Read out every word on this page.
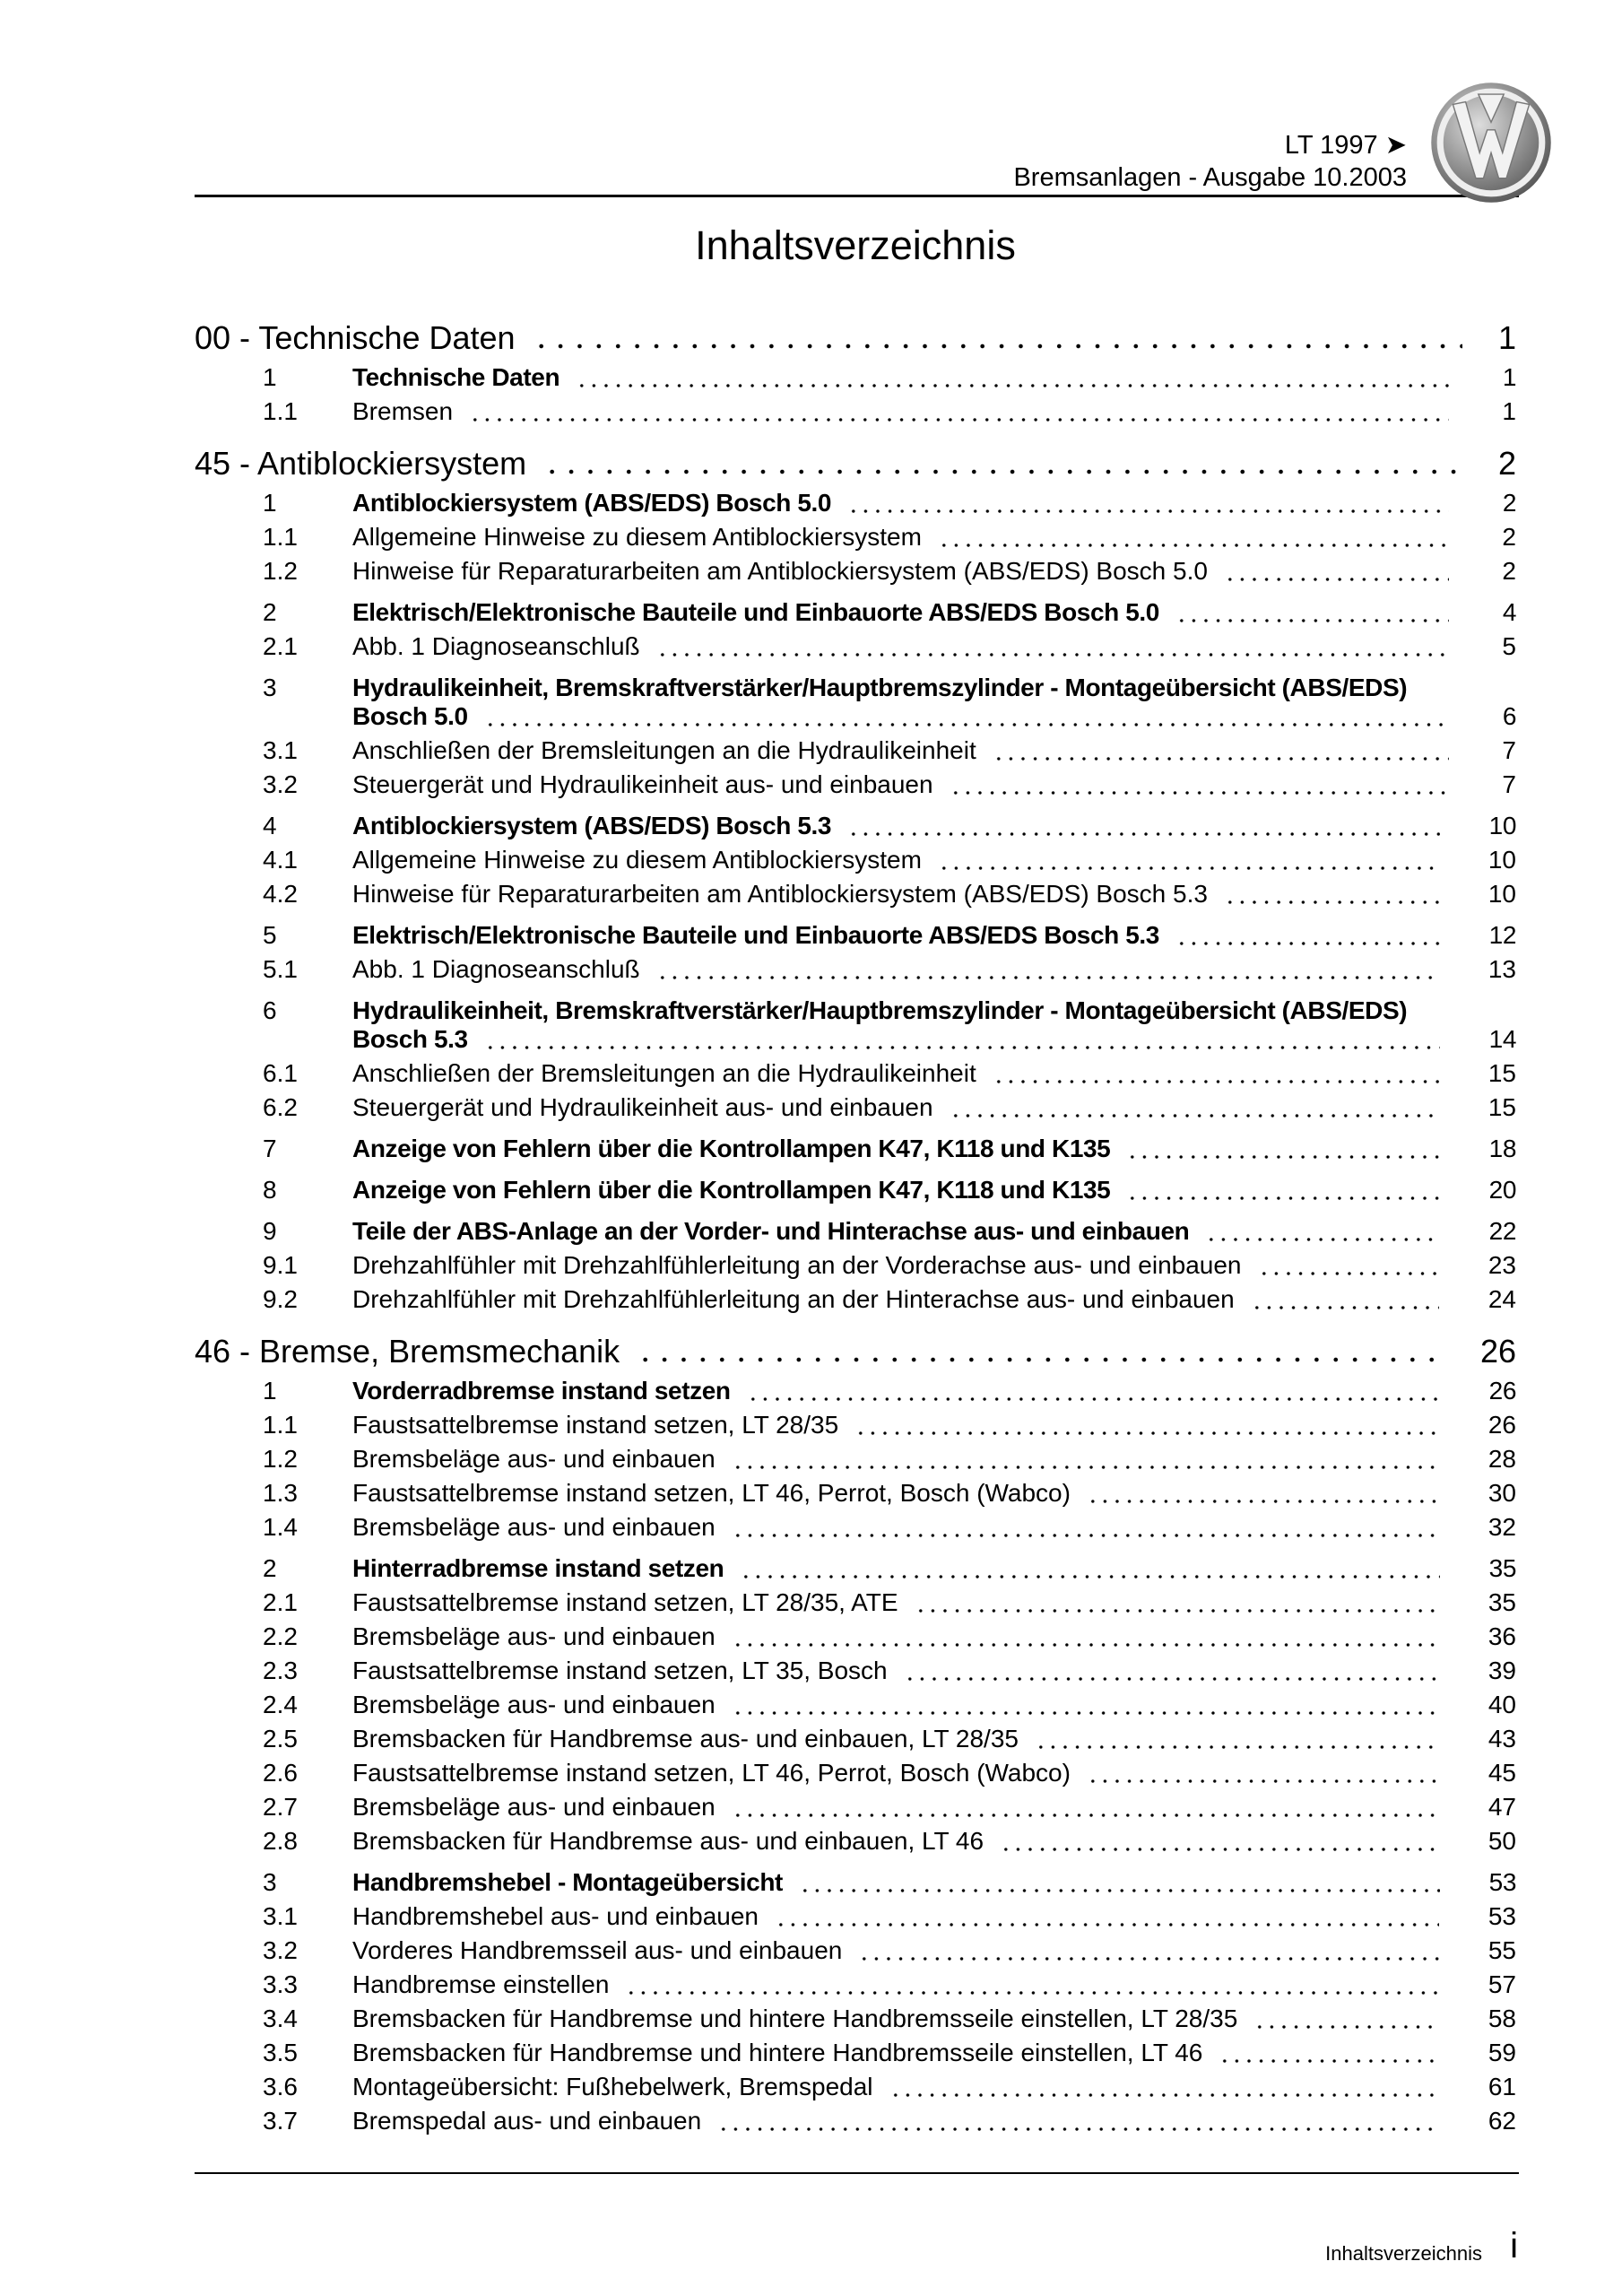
LT 1997 ➤
Bremsanlagen - Ausgabe 10.2003
Inhaltsverzeichnis
00 - Technische Daten	1
1	Technische Daten	1
1.1	Bremsen	1
45 - Antiblockiersystem	2
1	Antiblockiersystem (ABS/EDS) Bosch 5.0	2
1.1	Allgemeine Hinweise zu diesem Antiblockiersystem	2
1.2	Hinweise für Reparaturarbeiten am Antiblockiersystem (ABS/EDS) Bosch 5.0	2
2	Elektrisch/Elektronische Bauteile und Einbauorte ABS/EDS Bosch 5.0	4
2.1	Abb. 1 Diagnoseanschluß	5
3	Hydraulikeinheit, Bremskraftverstärker/Hauptbremszylinder - Montageübersicht (ABS/EDS)
Bosch 5.0	6
3.1	Anschließen der Bremsleitungen an die Hydraulikeinheit	7
3.2	Steuergerät und Hydraulikeinheit aus- und einbauen	7
4	Antiblockiersystem (ABS/EDS) Bosch 5.3	10
4.1	Allgemeine Hinweise zu diesem Antiblockiersystem	10
4.2	Hinweise für Reparaturarbeiten am Antiblockiersystem (ABS/EDS) Bosch 5.3	10
5	Elektrisch/Elektronische Bauteile und Einbauorte ABS/EDS Bosch 5.3	12
5.1	Abb. 1 Diagnoseanschluß	13
6	Hydraulikeinheit, Bremskraftverstärker/Hauptbremszylinder - Montageübersicht (ABS/EDS)
Bosch 5.3	14
6.1	Anschließen der Bremsleitungen an die Hydraulikeinheit	15
6.2	Steuergerät und Hydraulikeinheit aus- und einbauen	15
7	Anzeige von Fehlern über die Kontrollampen K47, K118 und K135	18
8	Anzeige von Fehlern über die Kontrollampen K47, K118 und K135	20
9	Teile der ABS-Anlage an der Vorder- und Hinterachse aus- und einbauen	22
9.1	Drehzahlfühler mit Drehzahlfühlerleitung an der Vorderachse aus- und einbauen	23
9.2	Drehzahlfühler mit Drehzahlfühlerleitung an der Hinterachse aus- und einbauen	24
46 - Bremse, Bremsmechanik	26
1	Vorderradbremse instand setzen	26
1.1	Faustsattelbremse instand setzen, LT 28/35	26
1.2	Bremsbeläge aus- und einbauen	28
1.3	Faustsattelbremse instand setzen, LT 46, Perrot, Bosch (Wabco)	30
1.4	Bremsbeläge aus- und einbauen	32
2	Hinterradbremse instand setzen	35
2.1	Faustsattelbremse instand setzen, LT 28/35, ATE	35
2.2	Bremsbeläge aus- und einbauen	36
2.3	Faustsattelbremse instand setzen, LT 35, Bosch	39
2.4	Bremsbeläge aus- und einbauen	40
2.5	Bremsbacken für Handbremse aus- und einbauen, LT 28/35	43
2.6	Faustsattelbremse instand setzen, LT 46, Perrot, Bosch (Wabco)	45
2.7	Bremsbeläge aus- und einbauen	47
2.8	Bremsbacken für Handbremse aus- und einbauen, LT 46	50
3	Handbremshebel - Montageübersicht	53
3.1	Handbremshebel aus- und einbauen	53
3.2	Vorderes Handbremsseil aus- und einbauen	55
3.3	Handbremse einstellen	57
3.4	Bremsbacken für Handbremse und hintere Handbremsseile einstellen, LT 28/35	58
3.5	Bremsbacken für Handbremse und hintere Handbremsseile einstellen, LT 46	59
3.6	Montageübersicht: Fußhebelwerk, Bremspedal	61
3.7	Bremspedal aus- und einbauen	62
Inhaltsverzeichnis i
